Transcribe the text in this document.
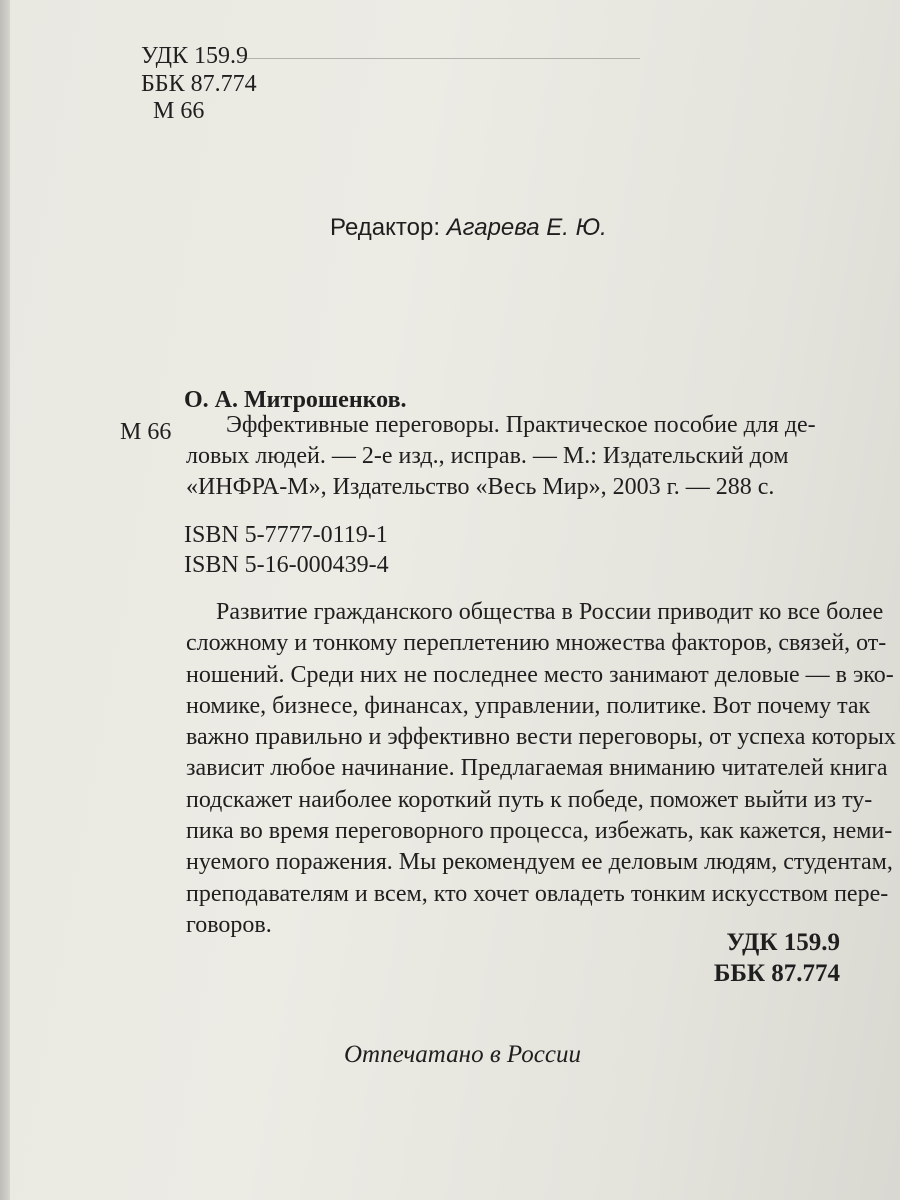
УДК 159.9

ББК 87.774

М 66

Редактор: Агарева Е. Ю.

О. А. Митрошенков.

М 66	Эффективные переговоры. Практическое пособие для де-
ловых людей. — 2-е изд., исправ. — М.: Издательский дом
«ИНФРА-М», Издательство «Весь Мир», 2003 г. — 288 с.

ISBN 5-7777-0119-1

ISBN 5-16-000439-4

Развитие гражданского общества в России приводит ко все более
сложному и тонкому переплетению множества факторов, связей, от-
ношений. Среди них не последнее место занимают деловые — в эко-
номике, бизнесе, финансах, управлении, политике. Вот почему так
важно правильно и эффективно вести переговоры, от успеха которых
зависит любое начинание. Предлагаемая вниманию читателей книга
подскажет наиболее короткий путь к победе, поможет выйти из ту-
пика во время переговорного процесса, избежать, как кажется, неми-
нуемого поражения. Мы рекомендуем ее деловым людям, студентам,
преподавателям и всем, кто хочет овладеть тонким искусством пере-
говоров.

УДК 159.9

ББК 87.774

Отпечатано в России
